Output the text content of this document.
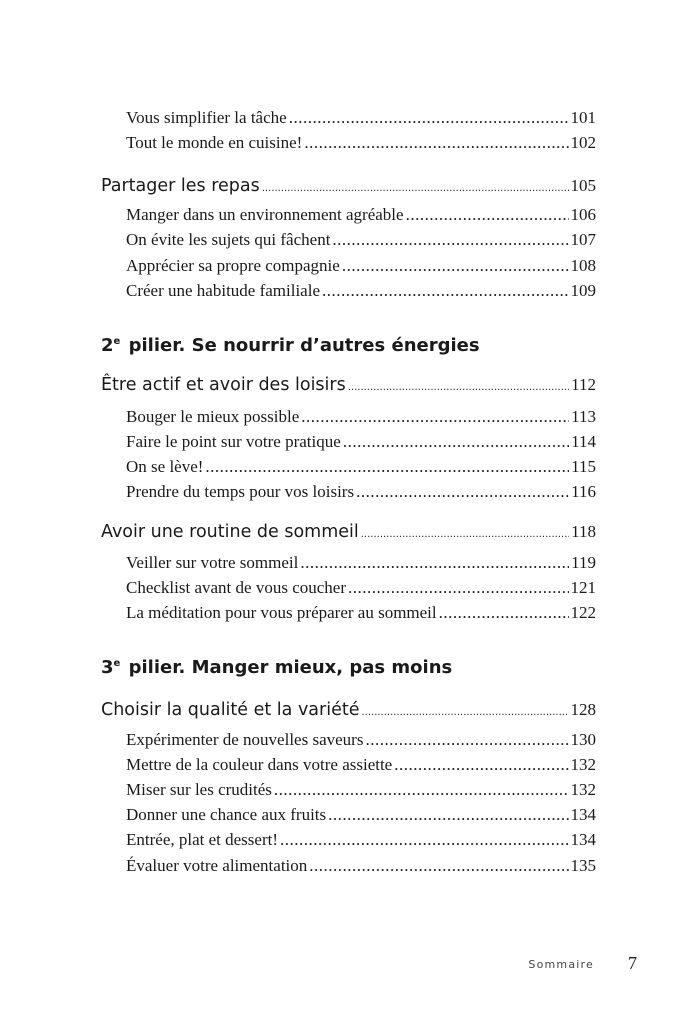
Vous simplifier la tâche .....	101
Tout le monde en cuisine! .....	102
Partager les repas .....	105
Manger dans un environnement agréable .....	106
On évite les sujets qui fâchent .....	107
Apprécier sa propre compagnie .....	108
Créer une habitude familiale .....	109
2e pilier. Se nourrir d’autres énergies
Être actif et avoir des loisirs .....	112
Bouger le mieux possible .....	113
Faire le point sur votre pratique .....	114
On se lève! .....	115
Prendre du temps pour vos loisirs .....	116
Avoir une routine de sommeil .....	118
Veiller sur votre sommeil .....	119
Checklist avant de vous coucher .....	121
La méditation pour vous préparer au sommeil .....	122
3e pilier. Manger mieux, pas moins
Choisir la qualité et la variété .....	128
Expérimenter de nouvelles saveurs .....	130
Mettre de la couleur dans votre assiette .....	132
Miser sur les crudités .....	132
Donner une chance aux fruits .....	134
Entrée, plat et dessert! .....	134
Évaluer votre alimentation .....	135
Sommaire 7
